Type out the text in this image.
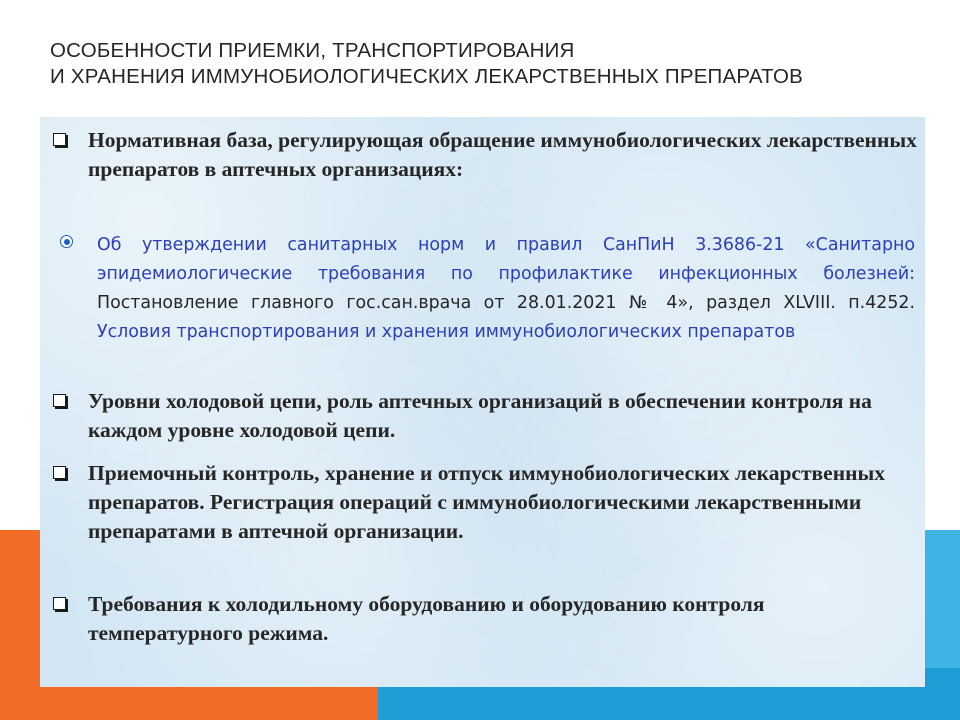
ОСОБЕННОСТИ ПРИЕМКИ, ТРАНСПОРТИРОВАНИЯ
И ХРАНЕНИЯ ИММУНОБИОЛОГИЧЕСКИХ ЛЕКАРСТВЕННЫХ ПРЕПАРАТОВ

Нормативная база, регулирующая обращение иммунобиологических лекарственных препаратов в аптечных организациях:

Об утверждении санитарных норм и правил СанПиН 3.3686-21 «Санитарно эпидемиологические требования по профилактике инфекционных болезней: Постановление главного гос.сан.врача от 28.01.2021 № 4», раздел XLVIII. п.4252. Условия транспортирования и хранения иммунобиологических препаратов

Уровни холодовой цепи, роль аптечных организаций в обеспечении контроля на каждом уровне холодовой цепи.

Приемочный контроль, хранение и отпуск иммунобиологических лекарственных препаратов. Регистрация операций с иммунобиологическими лекарственными препаратами в аптечной организации.

Требования к холодильному оборудованию и оборудованию контроля температурного режима.
